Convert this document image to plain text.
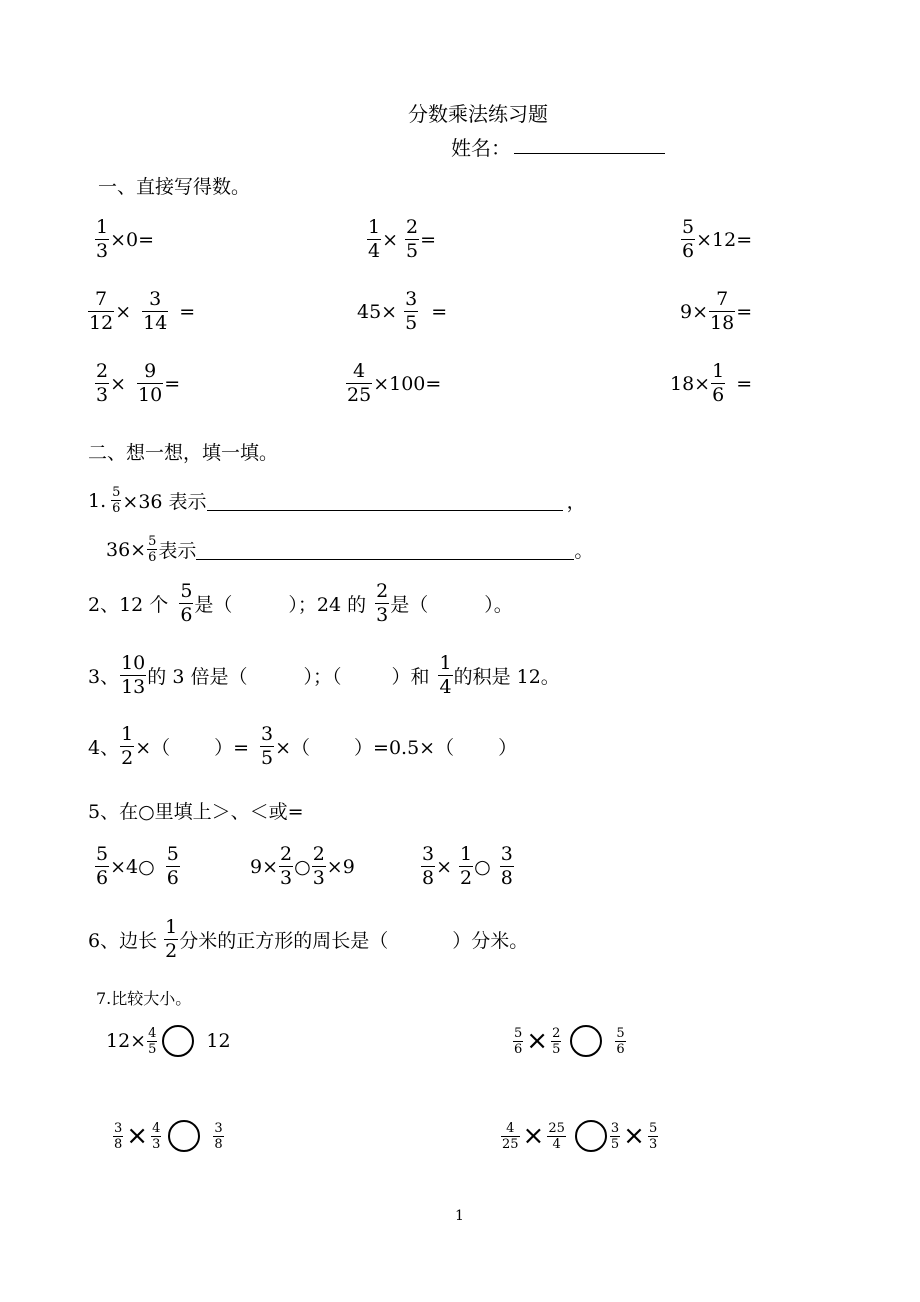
分数乘法练习题
姓名：
一、直接写得数。
$\frac{1}{3} \times 0=$	$\frac{1}{4} \times \frac{2}{5}$ =	$\frac{5}{6} \times 12=$
$\frac{7}{12} \times \frac{3}{14}$ =	$45\times \frac{3}{5}$ =	$9\times \frac{7}{18}$ =
$\frac{2}{3} \times \frac{9}{10}$ =	$\frac{4}{25} \times 100=$	$18\times \frac{1}{6}$ =
二、想一想，填一填。
1. $\frac{5}{6} \times 36$ 表示	，
$36\times \frac{5}{6}$ 表示	。
2、12 个 $\frac{5}{6}$ 是（	）；24 的 $\frac{2}{3}$ 是（	）。
3、 $\frac{10}{13}$ 的 3 倍是（	）；（	）和 $\frac{1}{4}$ 的积是 12。
4、 $\frac{1}{2}$ ×（ ）= $\frac{3}{5}$ ×（ ）=0.5×（ ）
5、在○里填上＞、＜或=
$\frac{5}{6}$ ×4○ $\frac{5}{6}$	$9\times \frac{2}{3}$ ○ $\frac{2}{3} \times 9$	$\frac{3}{8} \times \frac{1}{2}$ ○ $\frac{3}{8}$
6、边长 $\frac{1}{2}$ 分米的正方形的周长是（	）分米。
7.比较大小。
$12\times \frac{4}{5}$	12	$\frac{5}{6} \times \frac{2}{5}$	$\frac{5}{6}$
$\frac{3}{8} \times \frac{4}{3}$	$\frac{3}{8}$	$\frac{4}{25} \times \frac{25}{4}$	$\frac{3}{5} \times \frac{5}{3}$
1
